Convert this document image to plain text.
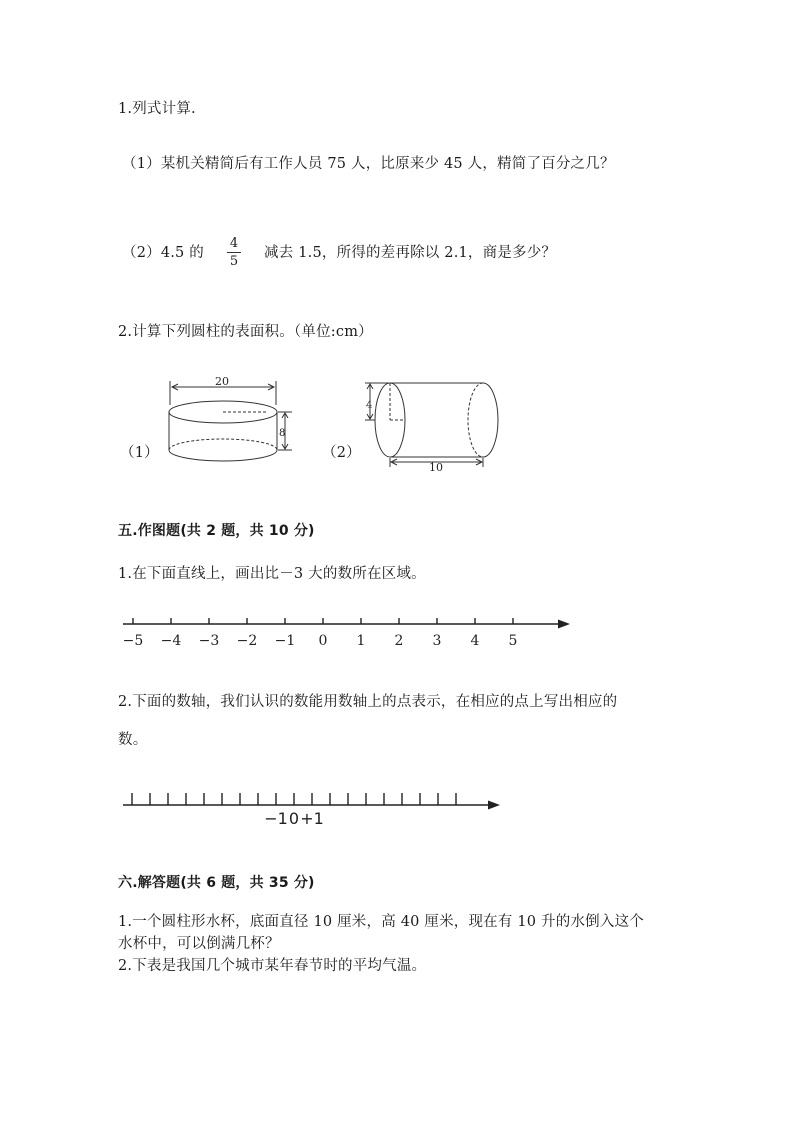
1.列式计算.
（1）某机关精简后有工作人员 75 人，比原来少 45 人，精简了百分之几？
（2）4.5 的
4
5
减去 1.5，所得的差再除以 2.1，商是多少？
2.计算下列圆柱的表面积。（单位:cm）
（1）
20
8
（2）
4
10
五.作图题(共 2 题，共 10 分)
1.在下面直线上，画出比－3 大的数所在区域。
−5 −4 −3 −2 −1 0 1 2 3 4 5
2.下面的数轴，我们认识的数能用数轴上的点表示，在相应的点上写出相应的
数。
−1 0 +1
六.解答题(共 6 题，共 35 分)
1.一个圆柱形水杯，底面直径 10 厘米，高 40 厘米，现在有 10 升的水倒入这个
水杯中，可以倒满几杯？
2.下表是我国几个城市某年春节时的平均气温。
